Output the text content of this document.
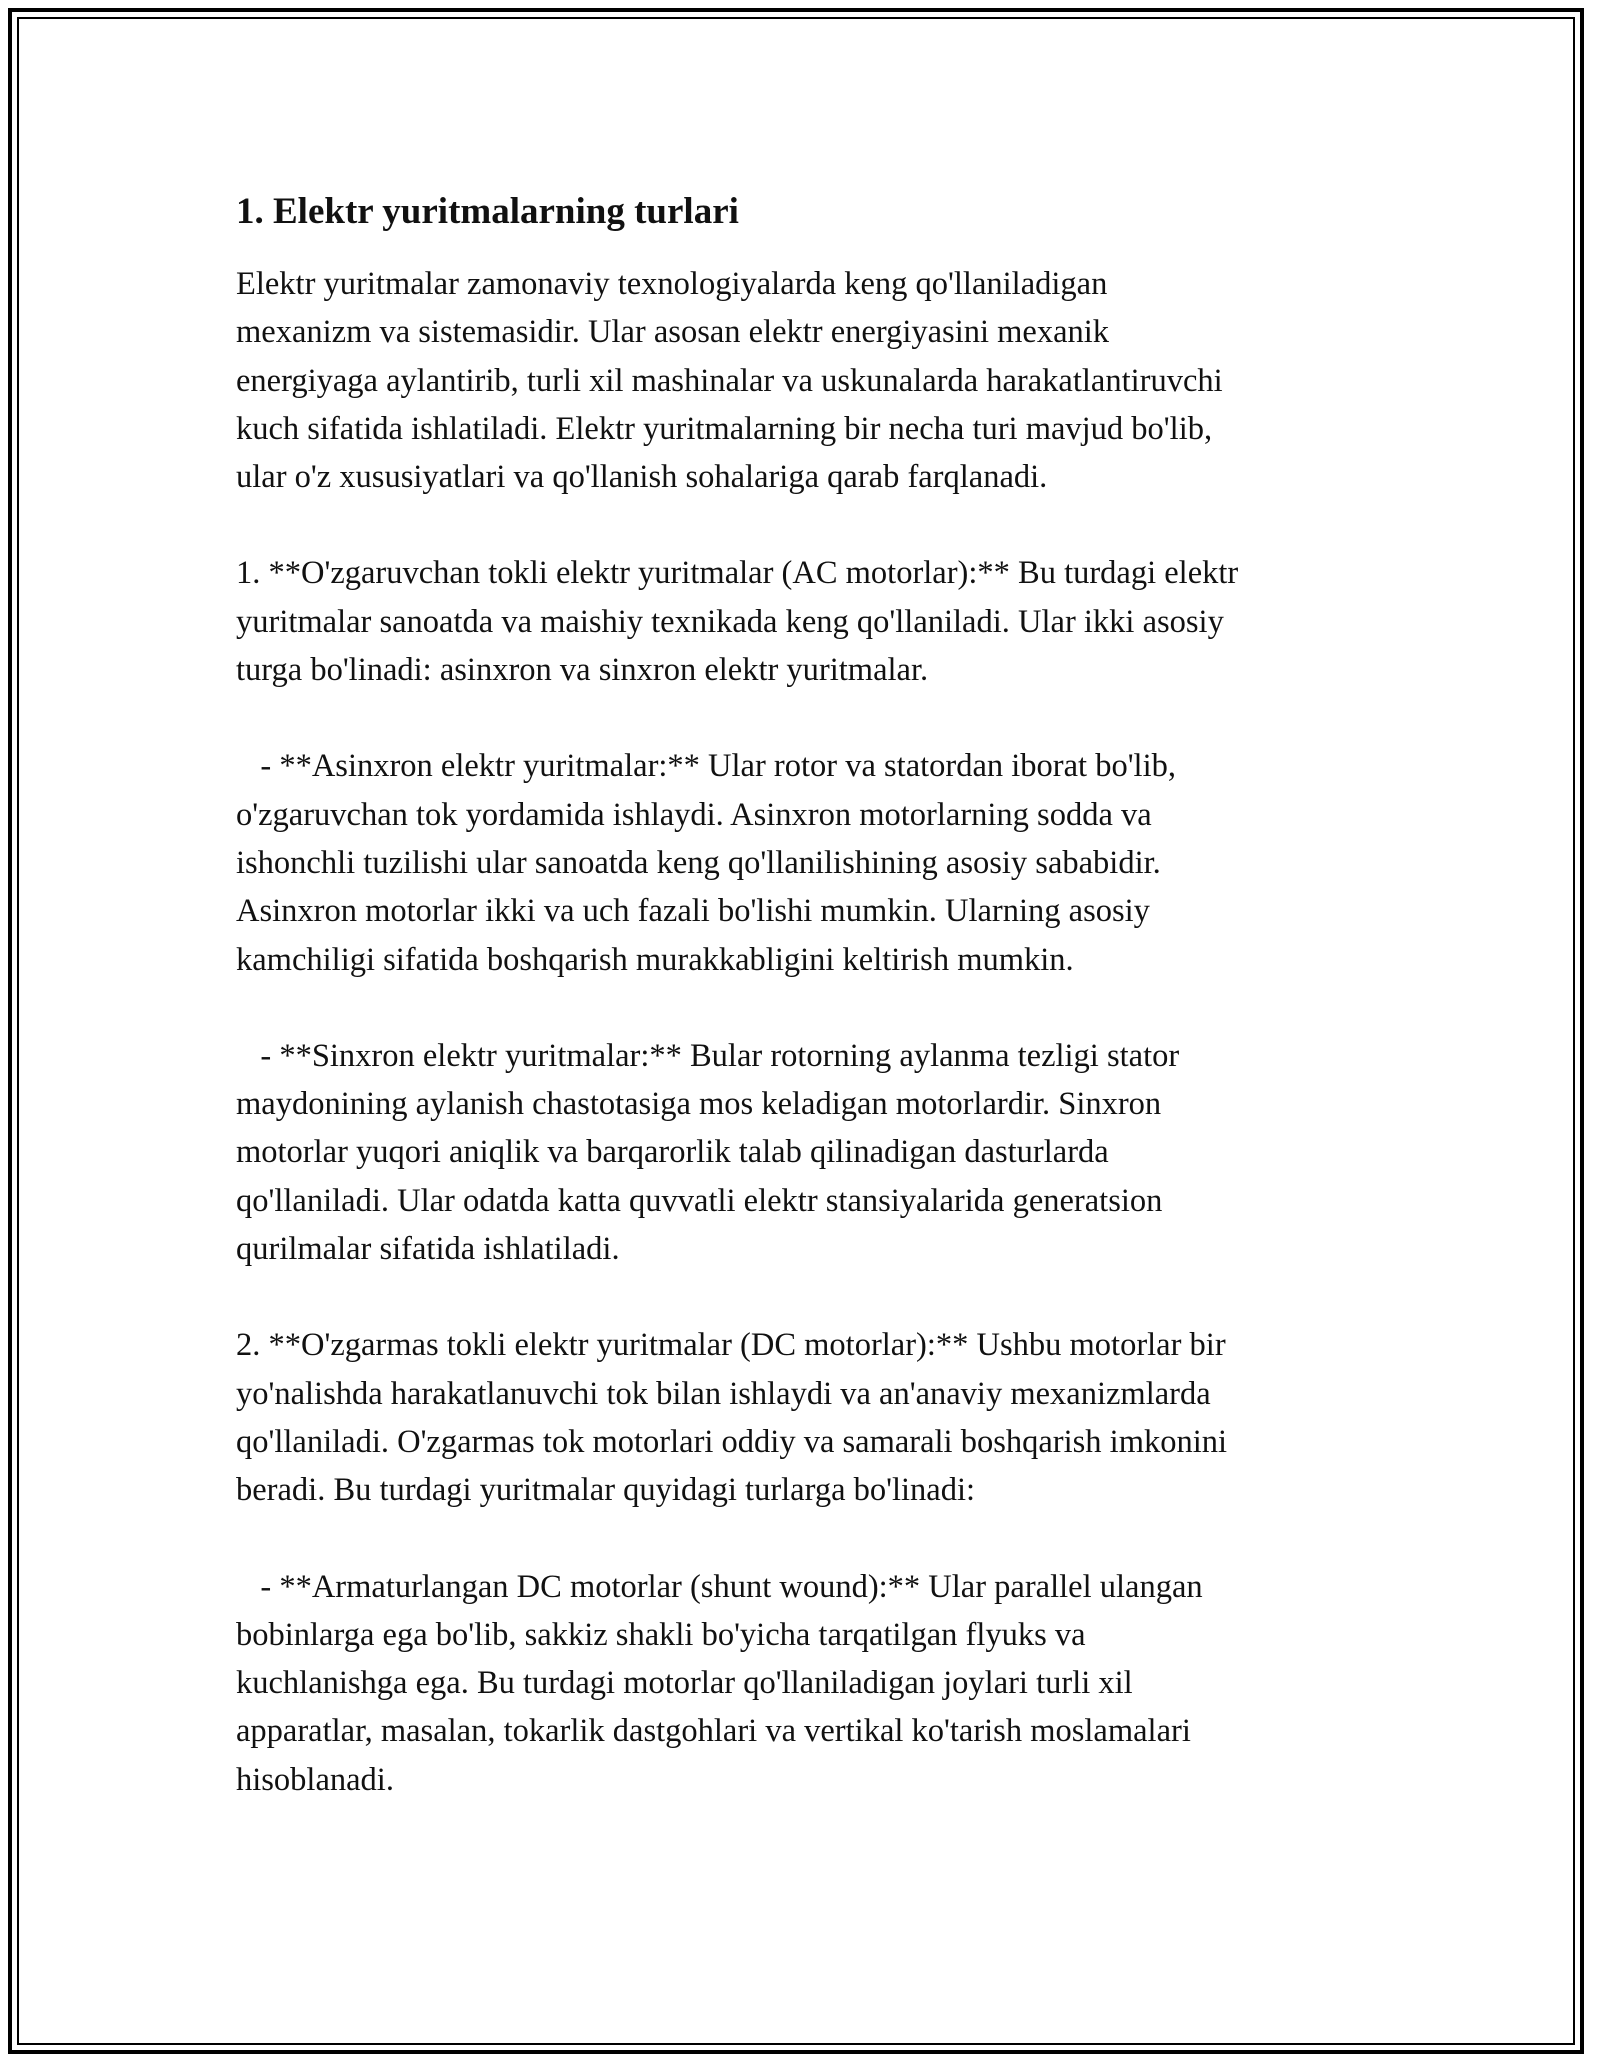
1. Elektr yuritmalarning turlari

Elektr yuritmalar zamonaviy texnologiyalarda keng qo'llaniladigan
mexanizm va sistemasidir. Ular asosan elektr energiyasini mexanik
energiyaga aylantirib, turli xil mashinalar va uskunalarda harakatlantiruvchi
kuch sifatida ishlatiladi. Elektr yuritmalarning bir necha turi mavjud bo'lib,
ular o'z xususiyatlari va qo'llanish sohalariga qarab farqlanadi.

1. **O'zgaruvchan tokli elektr yuritmalar (AC motorlar):** Bu turdagi elektr
yuritmalar sanoatda va maishiy texnikada keng qo'llaniladi. Ular ikki asosiy
turga bo'linadi: asinxron va sinxron elektr yuritmalar.

- **Asinxron elektr yuritmalar:** Ular rotor va statordan iborat bo'lib,
o'zgaruvchan tok yordamida ishlaydi. Asinxron motorlarning sodda va
ishonchli tuzilishi ular sanoatda keng qo'llanilishining asosiy sababidir.
Asinxron motorlar ikki va uch fazali bo'lishi mumkin. Ularning asosiy
kamchiligi sifatida boshqarish murakkabligini keltirish mumkin.

- **Sinxron elektr yuritmalar:** Bular rotorning aylanma tezligi stator
maydonining aylanish chastotasiga mos keladigan motorlardir. Sinxron
motorlar yuqori aniqlik va barqarorlik talab qilinadigan dasturlarda
qo'llaniladi. Ular odatda katta quvvatli elektr stansiyalarida generatsion
qurilmalar sifatida ishlatiladi.

2. **O'zgarmas tokli elektr yuritmalar (DC motorlar):** Ushbu motorlar bir
yo'nalishda harakatlanuvchi tok bilan ishlaydi va an'anaviy mexanizmlarda
qo'llaniladi. O'zgarmas tok motorlari oddiy va samarali boshqarish imkonini
beradi. Bu turdagi yuritmalar quyidagi turlarga bo'linadi:

- **Armaturlangan DC motorlar (shunt wound):** Ular parallel ulangan
bobinlarga ega bo'lib, sakkiz shakli bo'yicha tarqatilgan flyuks va
kuchlanishga ega. Bu turdagi motorlar qo'llaniladigan joylari turli xil
apparatlar, masalan, tokarlik dastgohlari va vertikal ko'tarish moslamalari
hisoblanadi.
